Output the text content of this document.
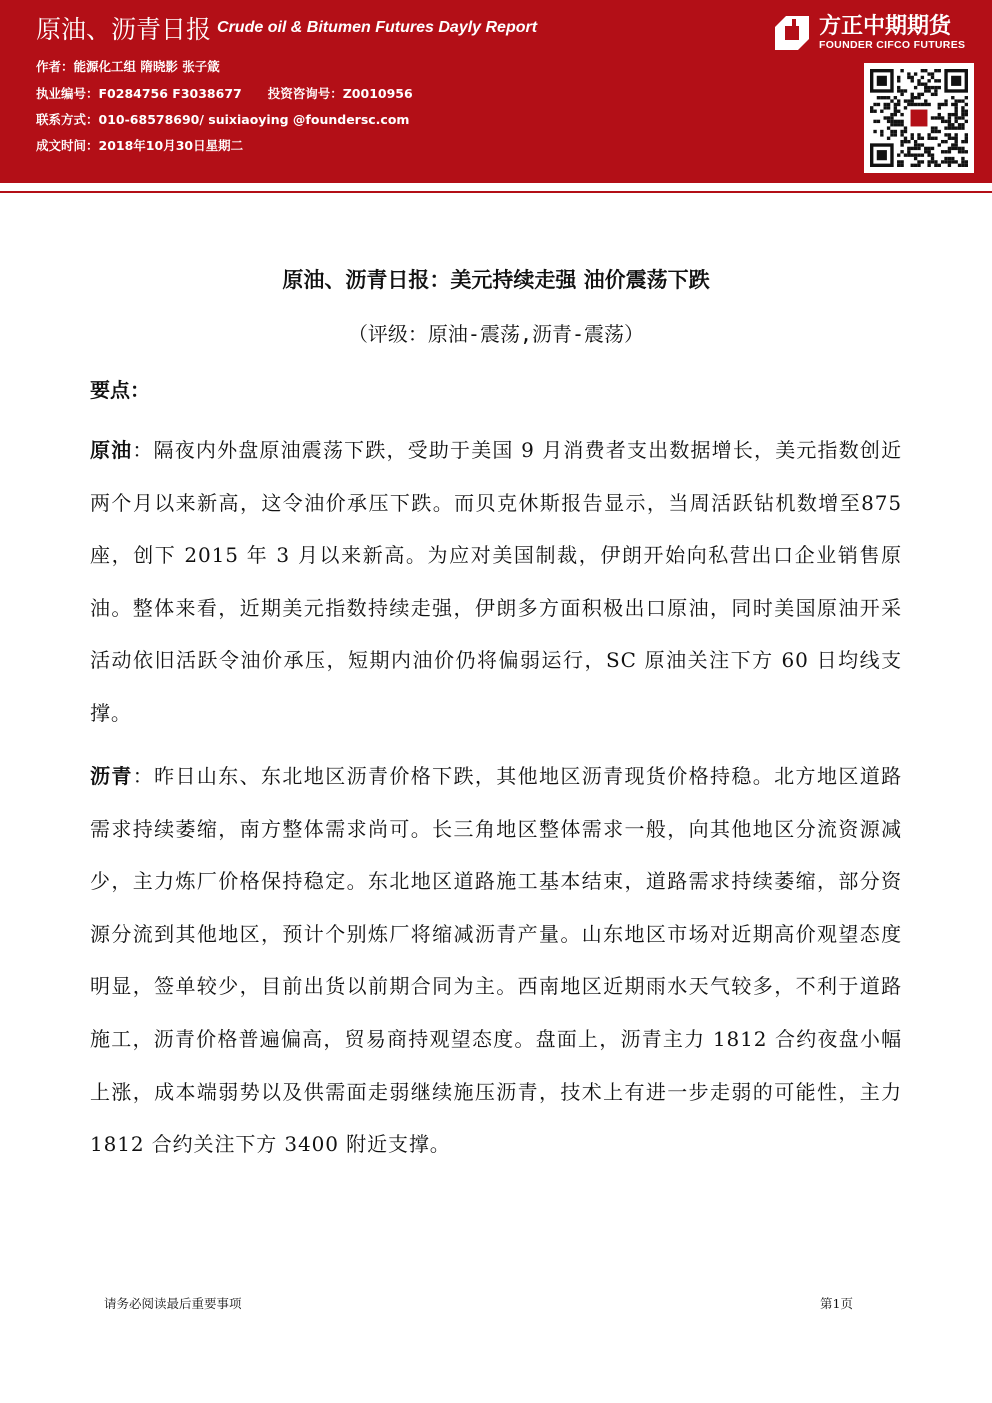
原油、沥青日报 Crude oil & Bitumen Futures Dayly Report
作者：能源化工组 隋晓影 张子箴
执业编号：F0284756 F3038677 投资咨询号：Z0010956
联系方式：010-68578690/ suixiaoying @foundersc.com
成文时间：2018年10月30日星期二
方正中期期货
FOUNDER CIFCO FUTURES
原油、沥青日报：美元持续走强 油价震荡下跌
（评级：原油-震荡,沥青-震荡）
要点：
原油：隔夜内外盘原油震荡下跌，受助于美国 9 月消费者支出数据增长，美元指数创近两个月以来新高，这令油价承压下跌。而贝克休斯报告显示，当周活跃钻机数增至875 座，创下 2015 年 3 月以来新高。为应对美国制裁，伊朗开始向私营出口企业销售原油。整体来看，近期美元指数持续走强，伊朗多方面积极出口原油，同时美国原油开采活动依旧活跃令油价承压，短期内油价仍将偏弱运行，SC 原油关注下方 60 日均线支撑。
沥青：昨日山东、东北地区沥青价格下跌，其他地区沥青现货价格持稳。北方地区道路需求持续萎缩，南方整体需求尚可。长三角地区整体需求一般，向其他地区分流资源减少，主力炼厂价格保持稳定。东北地区道路施工基本结束，道路需求持续萎缩，部分资源分流到其他地区，预计个别炼厂将缩减沥青产量。山东地区市场对近期高价观望态度明显，签单较少，目前出货以前期合同为主。西南地区近期雨水天气较多，不利于道路施工，沥青价格普遍偏高，贸易商持观望态度。盘面上，沥青主力 1812 合约夜盘小幅上涨，成本端弱势以及供需面走弱继续施压沥青，技术上有进一步走弱的可能性，主力 1812 合约关注下方 3400 附近支撑。
请务必阅读最后重要事项	第1页
